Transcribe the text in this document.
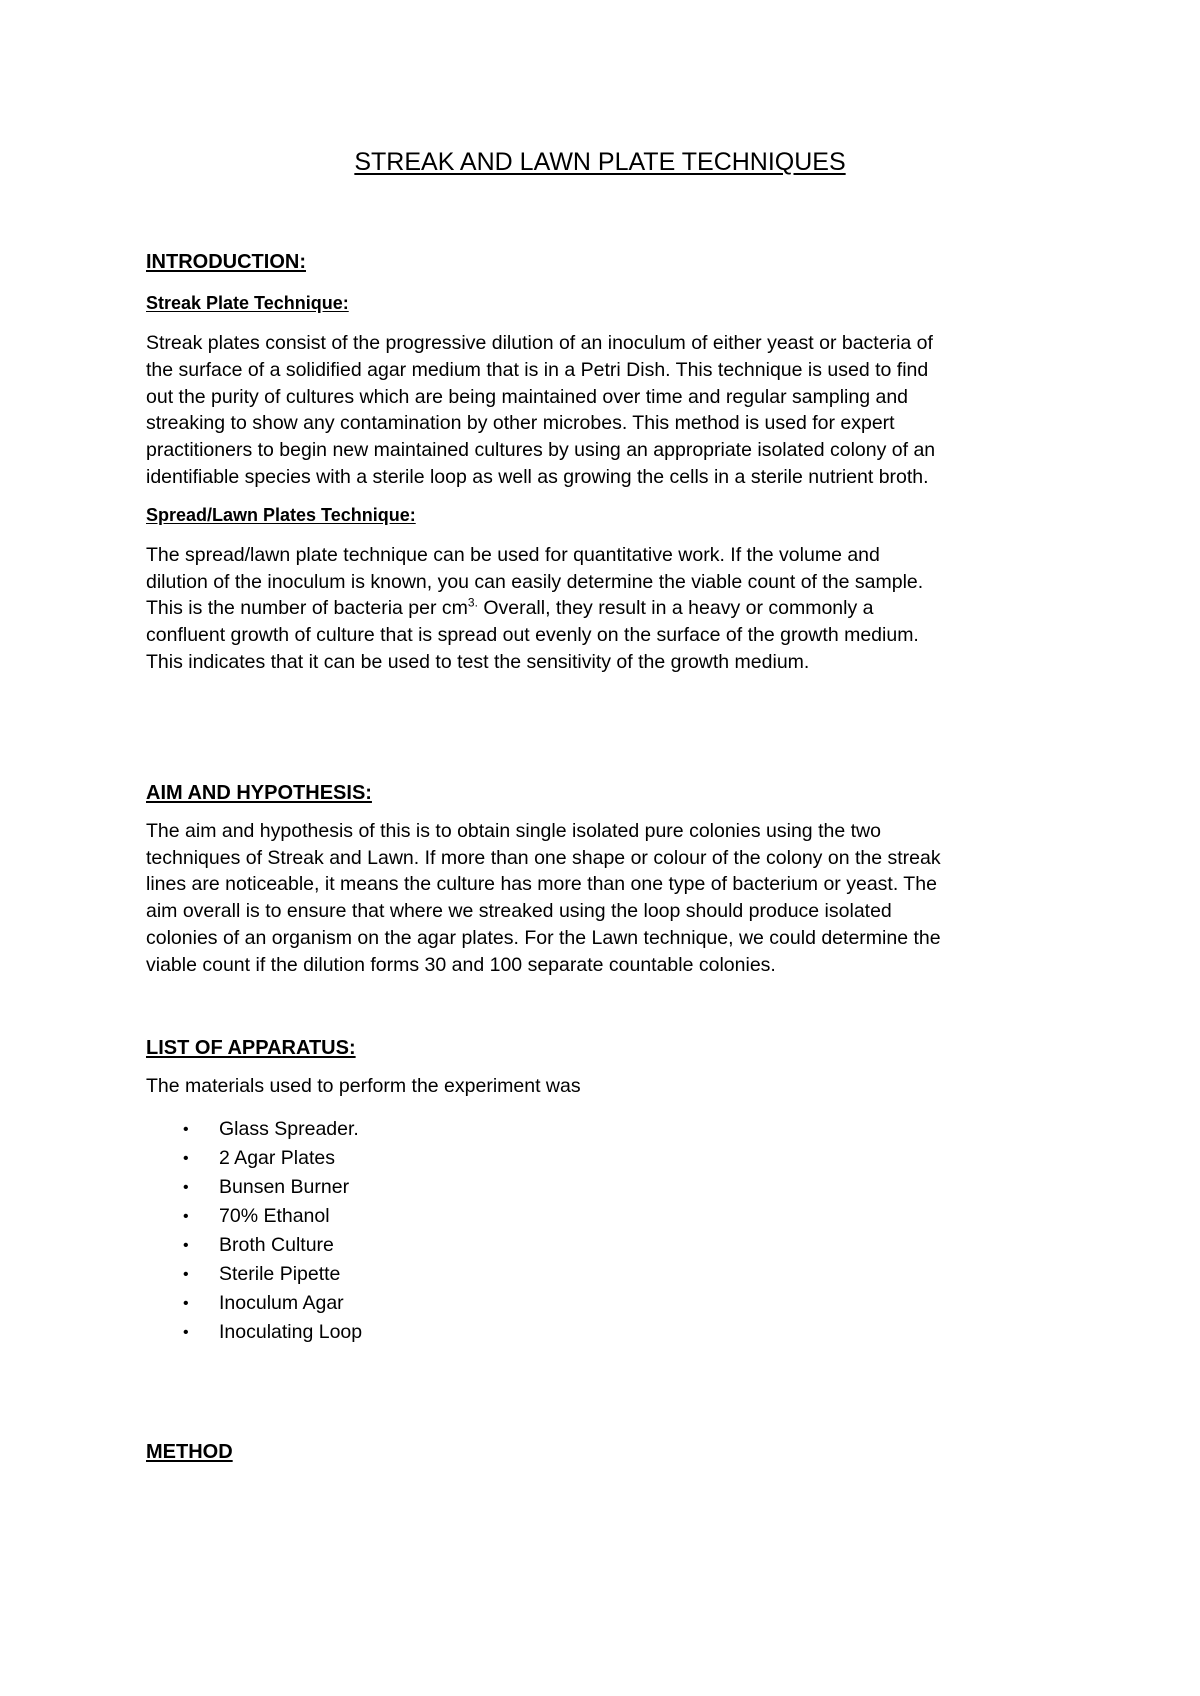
STREAK AND LAWN PLATE TECHNIQUES
INTRODUCTION:
Streak Plate Technique:

Streak plates consist of the progressive dilution of an inoculum of either yeast or bacteria of
the surface of a solidified agar medium that is in a Petri Dish. This technique is used to find
out the purity of cultures which are being maintained over time and regular sampling and
streaking to show any contamination by other microbes. This method is used for expert
practitioners to begin new maintained cultures by using an appropriate isolated colony of an
identifiable species with a sterile loop as well as growing the cells in a sterile nutrient broth.

Spread/Lawn Plates Technique:

The spread/lawn plate technique can be used for quantitative work. If the volume and
dilution of the inoculum is known, you can easily determine the viable count of the sample.
This is the number of bacteria per $cm^{3.}$ Overall, they result in a heavy or commonly a
confluent growth of culture that is spread out evenly on the surface of the growth medium.
This indicates that it can be used to test the sensitivity of the growth medium.

AIM AND HYPOTHESIS:

The aim and hypothesis of this is to obtain single isolated pure colonies using the two
techniques of Streak and Lawn. If more than one shape or colour of the colony on the streak
lines are noticeable, it means the culture has more than one type of bacterium or yeast. The
aim overall is to ensure that where we streaked using the loop should produce isolated
colonies of an organism on the agar plates. For the Lawn technique, we could determine the
viable count if the dilution forms 30 and 100 separate countable colonies.

LIST OF APPARATUS:

The materials used to perform the experiment was

• Glass Spreader.
• 2 Agar Plates
• Bunsen Burner
• 70% Ethanol
• Broth Culture
• Sterile Pipette
• Inoculum Agar
• Inoculating Loop
METHOD
